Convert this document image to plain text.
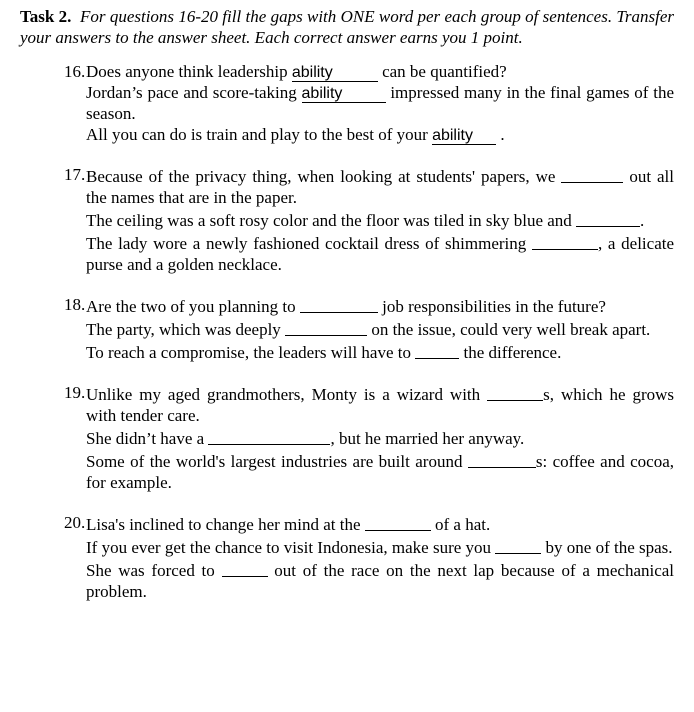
Task 2. For questions 16-20 fill the gaps with ONE word per each group of sentences. Transfer your answers to the answer sheet. Each correct answer earns you 1 point.

16. Does anyone think leadership ability	can be quantified?
Jordan’s pace and score-taking ability	impressed many in the final games of the season.
All you can do is train and play to the best of your ability .
17. Because of the privacy thing, when looking at students' papers, we	out all the names that are in the paper.
The ceiling was a soft rosy color and the floor was tiled in sky blue and	.
The lady wore a newly fashioned cocktail dress of shimmering	, a delicate purse and a golden necklace.
18. Are the two of you planning to	job responsibilities in the future?
The party, which was deeply	on the issue, could very well break apart.
To reach a compromise, the leaders will have to	the difference.
19. Unlike my aged grandmothers, Monty is a wizard with	s, which he grows with tender care.
She didn’t have a	, but he married her anyway.
Some of the world's largest industries are built around	s: coffee and cocoa, for example.
20. Lisa's inclined to change her mind at the	of a hat.
If you ever get the chance to visit Indonesia, make sure you	by one of the spas.
She was forced to	out of the race on the next lap because of a mechanical problem.
